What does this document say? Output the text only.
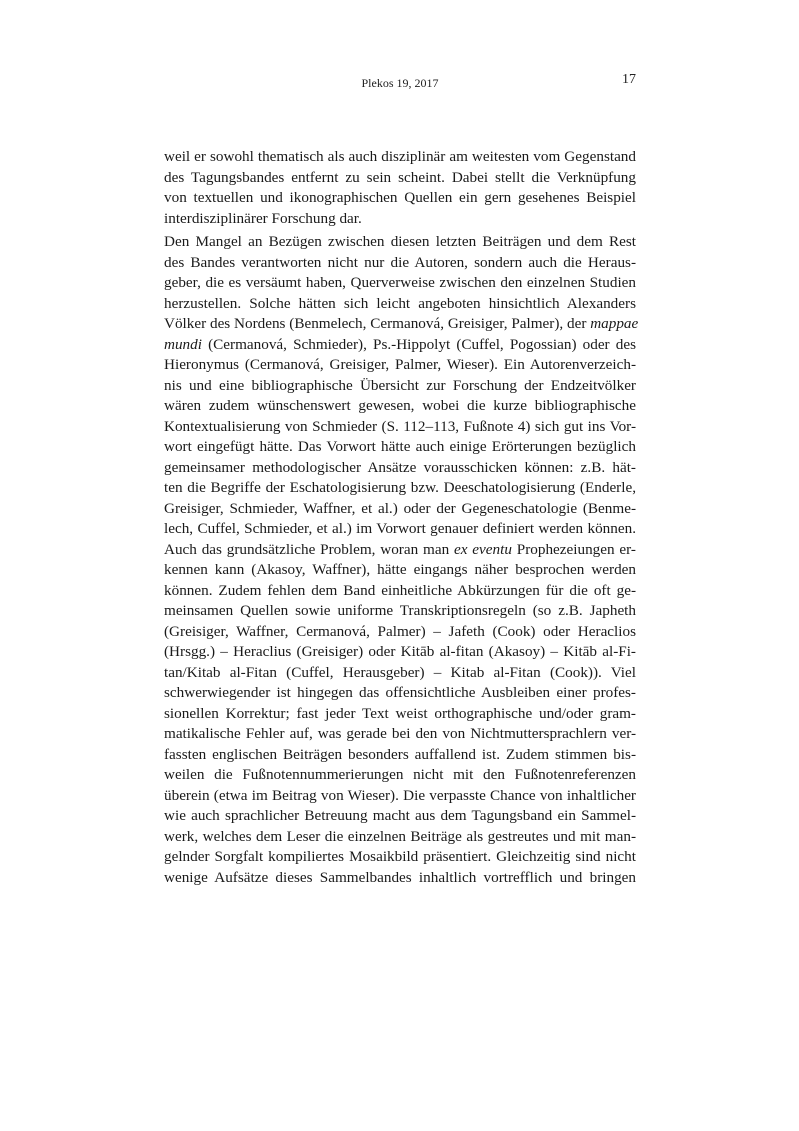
Plekos 19, 2017	17
weil er sowohl thematisch als auch disziplinär am weitesten vom Gegenstand
des Tagungsbandes entfernt zu sein scheint. Dabei stellt die Verknüpfung
von textuellen und ikonographischen Quellen ein gern gesehenes Beispiel
interdisziplinärer Forschung dar.
Den Mangel an Bezügen zwischen diesen letzten Beiträgen und dem Rest
des Bandes verantworten nicht nur die Autoren, sondern auch die Heraus-
geber, die es versäumt haben, Querverweise zwischen den einzelnen Studien
herzustellen. Solche hätten sich leicht angeboten hinsichtlich Alexanders
Völker des Nordens (Benmelech, Cermanová, Greisiger, Palmer), der mappae
mundi (Cermanová, Schmieder), Ps.-Hippolyt (Cuffel, Pogossian) oder des
Hieronymus (Cermanová, Greisiger, Palmer, Wieser). Ein Autorenverzeich-
nis und eine bibliographische Übersicht zur Forschung der Endzeitvölker
wären zudem wünschenswert gewesen, wobei die kurze bibliographische
Kontextualisierung von Schmieder (S. 112–113, Fußnote 4) sich gut ins Vor-
wort eingefügt hätte. Das Vorwort hätte auch einige Erörterungen bezüglich
gemeinsamer methodologischer Ansätze vorausschicken können: z.B. hät-
ten die Begriffe der Eschatologisierung bzw. Deeschatologisierung (Enderle,
Greisiger, Schmieder, Waffner, et al.) oder der Gegeneschatologie (Benme-
lech, Cuffel, Schmieder, et al.) im Vorwort genauer definiert werden können.
Auch das grundsätzliche Problem, woran man ex eventu Prophezeiungen er-
kennen kann (Akasoy, Waffner), hätte eingangs näher besprochen werden
können. Zudem fehlen dem Band einheitliche Abkürzungen für die oft ge-
meinsamen Quellen sowie uniforme Transkriptionsregeln (so z.B. Japheth
(Greisiger, Waffner, Cermanová, Palmer) – Jafeth (Cook) oder Heraclios
(Hrsgg.) – Heraclius (Greisiger) oder Kitāb al-fitan (Akasoy) – Kitāb al-Fi-
tan/Kitab al-Fitan (Cuffel, Herausgeber) – Kitab al-Fitan (Cook)). Viel
schwerwiegender ist hingegen das offensichtliche Ausbleiben einer profes-
sionellen Korrektur; fast jeder Text weist orthographische und/oder gram-
matikalische Fehler auf, was gerade bei den von Nichtmuttersprachlern ver-
fassten englischen Beiträgen besonders auffallend ist. Zudem stimmen bis-
weilen die Fußnotennummerierungen nicht mit den Fußnotenreferenzen
überein (etwa im Beitrag von Wieser). Die verpasste Chance von inhaltlicher
wie auch sprachlicher Betreuung macht aus dem Tagungsband ein Sammel-
werk, welches dem Leser die einzelnen Beiträge als gestreutes und mit man-
gelnder Sorgfalt kompiliertes Mosaikbild präsentiert. Gleichzeitig sind nicht
wenige Aufsätze dieses Sammelbandes inhaltlich vortrefflich und bringen
